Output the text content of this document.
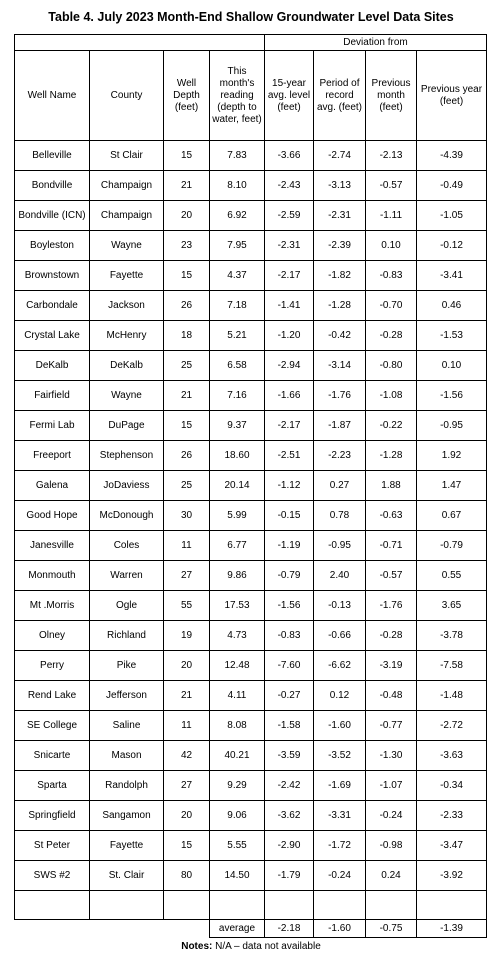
Table 4. July 2023 Month-End Shallow Groundwater Level Data Sites
				Deviation from			
Well Name	County	Well Depth (feet)	This month's reading (depth to water, feet)	15-year avg. level (feet)	Period of record avg. (feet)	Previous month (feet)	Previous year (feet)
Belleville	St Clair	15	7.83	-3.66	-2.74	-2.13	-4.39
Bondville	Champaign	21	8.10	-2.43	-3.13	-0.57	-0.49
Bondville (ICN)	Champaign	20	6.92	-2.59	-2.31	-1.11	-1.05
Boyleston	Wayne	23	7.95	-2.31	-2.39	0.10	-0.12
Brownstown	Fayette	15	4.37	-2.17	-1.82	-0.83	-3.41
Carbondale	Jackson	26	7.18	-1.41	-1.28	-0.70	0.46
Crystal Lake	McHenry	18	5.21	-1.20	-0.42	-0.28	-1.53
DeKalb	DeKalb	25	6.58	-2.94	-3.14	-0.80	0.10
Fairfield	Wayne	21	7.16	-1.66	-1.76	-1.08	-1.56
Fermi Lab	DuPage	15	9.37	-2.17	-1.87	-0.22	-0.95
Freeport	Stephenson	26	18.60	-2.51	-2.23	-1.28	1.92
Galena	JoDaviess	25	20.14	-1.12	0.27	1.88	1.47
Good Hope	McDonough	30	5.99	-0.15	0.78	-0.63	0.67
Janesville	Coles	11	6.77	-1.19	-0.95	-0.71	-0.79
Monmouth	Warren	27	9.86	-0.79	2.40	-0.57	0.55
Mt .Morris	Ogle	55	17.53	-1.56	-0.13	-1.76	3.65
Olney	Richland	19	4.73	-0.83	-0.66	-0.28	-3.78
Perry	Pike	20	12.48	-7.60	-6.62	-3.19	-7.58
Rend Lake	Jefferson	21	4.11	-0.27	0.12	-0.48	-1.48
SE College	Saline	11	8.08	-1.58	-1.60	-0.77	-2.72
Snicarte	Mason	42	40.21	-3.59	-3.52	-1.30	-3.63
Sparta	Randolph	27	9.29	-2.42	-1.69	-1.07	-0.34
Springfield	Sangamon	20	9.06	-3.62	-3.31	-0.24	-2.33
St Peter	Fayette	15	5.55	-2.90	-1.72	-0.98	-3.47
SWS #2	St. Clair	80	14.50	-1.79	-0.24	0.24	-3.92

			average	-2.18	-1.60	-0.75	-1.39
Notes: N/A – data not available
